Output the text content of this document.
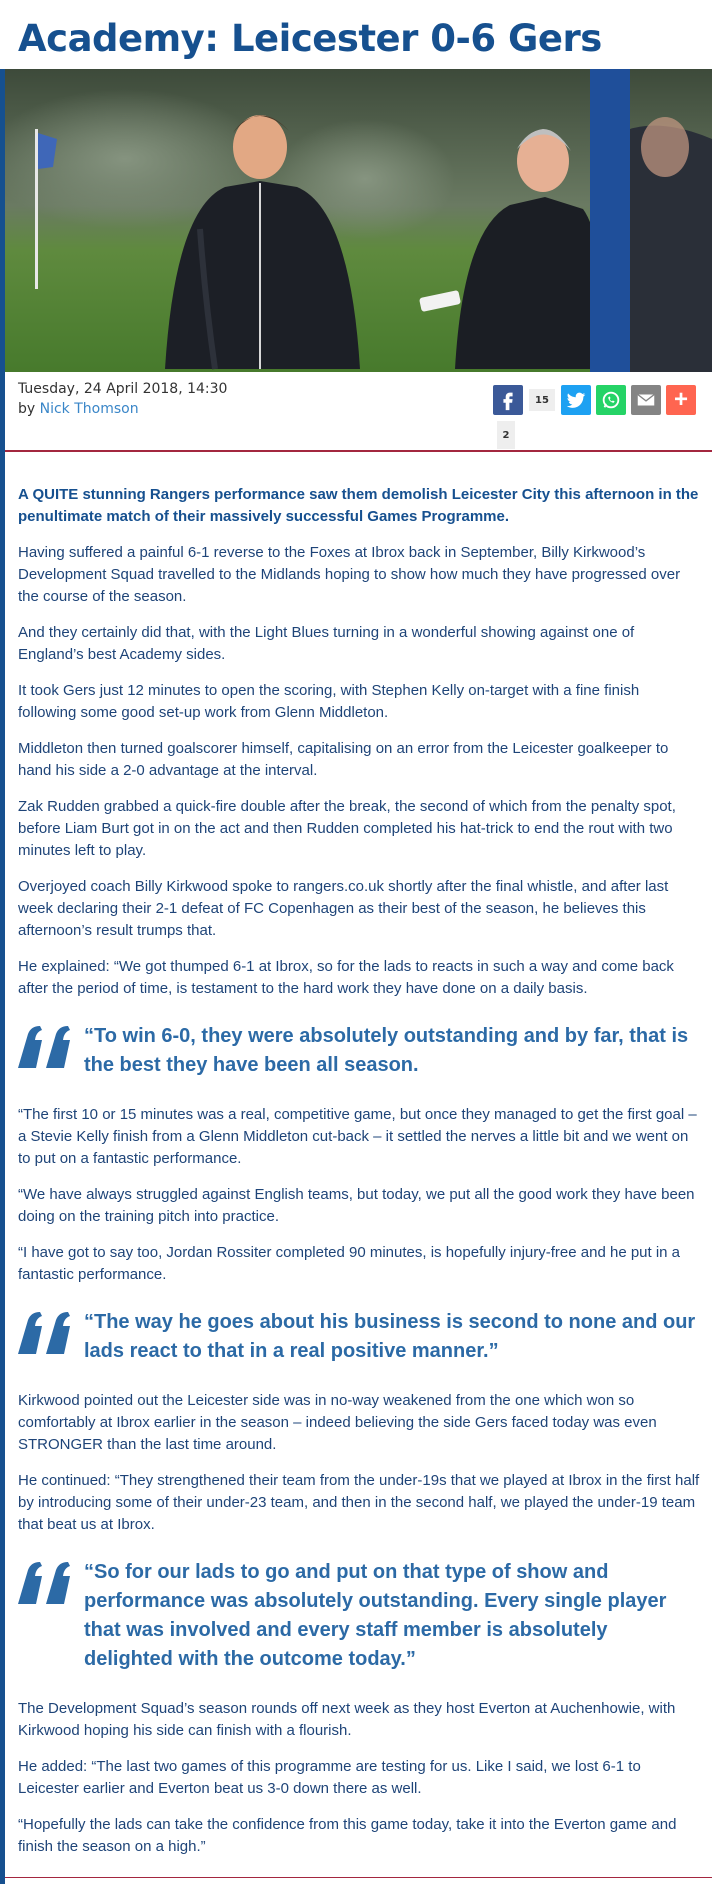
Academy: Leicester 0-6 Gers
Tuesday, 24 April 2018, 14:30
by Nick Thomson
15	+
2

A QUITE stunning Rangers performance saw them demolish Leicester City this afternoon in the penultimate match of their massively successful Games Programme.

Having suffered a painful 6-1 reverse to the Foxes at Ibrox back in September, Billy Kirkwood’s Development Squad travelled to the Midlands hoping to show how much they have progressed over the course of the season.

And they certainly did that, with the Light Blues turning in a wonderful showing against one of England’s best Academy sides.

It took Gers just 12 minutes to open the scoring, with Stephen Kelly on-target with a fine finish following some good set-up work from Glenn Middleton.

Middleton then turned goalscorer himself, capitalising on an error from the Leicester goalkeeper to hand his side a 2-0 advantage at the interval.

Zak Rudden grabbed a quick-fire double after the break, the second of which from the penalty spot, before Liam Burt got in on the act and then Rudden completed his hat-trick to end the rout with two minutes left to play.

Overjoyed coach Billy Kirkwood spoke to rangers.co.uk shortly after the final whistle, and after last week declaring their 2-1 defeat of FC Copenhagen as their best of the season, he believes this afternoon’s result trumps that.

He explained: “We got thumped 6-1 at Ibrox, so for the lads to reacts in such a way and come back after the period of time, is testament to the hard work they have done on a daily basis.

“To win 6-0, they were absolutely outstanding and by far, that is the best they have been all season.

“The first 10 or 15 minutes was a real, competitive game, but once they managed to get the first goal – a Stevie Kelly finish from a Glenn Middleton cut-back – it settled the nerves a little bit and we went on to put on a fantastic performance.

“We have always struggled against English teams, but today, we put all the good work they have been doing on the training pitch into practice.

“I have got to say too, Jordan Rossiter completed 90 minutes, is hopefully injury-free and he put in a fantastic performance.

“The way he goes about his business is second to none and our lads react to that in a real positive manner.”

Kirkwood pointed out the Leicester side was in no-way weakened from the one which won so comfortably at Ibrox earlier in the season – indeed believing the side Gers faced today was even STRONGER than the last time around.

He continued: “They strengthened their team from the under-19s that we played at Ibrox in the first half by introducing some of their under-23 team, and then in the second half, we played the under-19 team that beat us at Ibrox.

“So for our lads to go and put on that type of show and performance was absolutely outstanding. Every single player that was involved and every staff member is absolutely delighted with the outcome today.”

The Development Squad’s season rounds off next week as they host Everton at Auchenhowie, with Kirkwood hoping his side can finish with a flourish.

He added: “The last two games of this programme are testing for us. Like I said, we lost 6-1 to Leicester earlier and Everton beat us 3-0 down there as well.

“Hopefully the lads can take the confidence from this game today, take it into the Everton game and finish the season on a high.”
